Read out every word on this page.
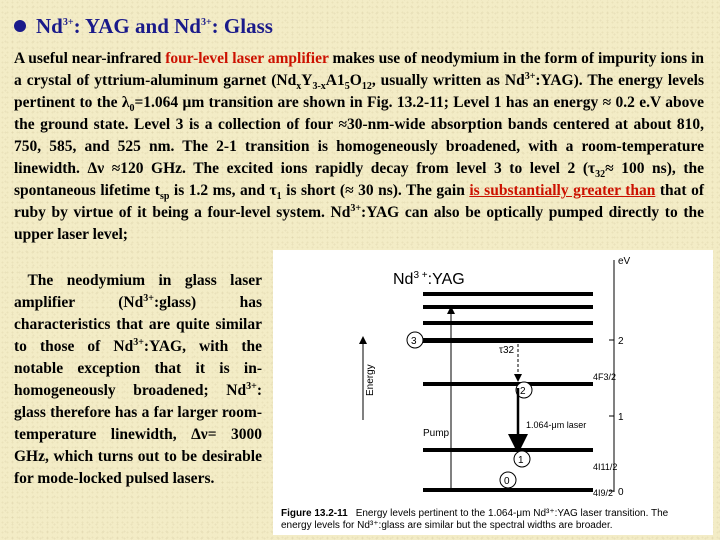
$Nd^{3+}$: YAG and $Nd^{3+}$: Glass

A useful near-infrared four-level laser amplifier makes use of neodymium in the form of impurity ions in a crystal of yttrium-aluminum garnet ($Nd_xY_{3-x}A1_5O_{12}$, usually written as $Nd^{3+}:YAG$). The energy levels pertinent to the $\lambda_0=1.064$ μm transition are shown in Fig. 13.2-11; Level 1 has an energy ≈ 0.2 e.V above the ground state. Level 3 is a collection of four ≈30-nm-wide absorption bands centered at about 810, 750, 585, and 525 nm. The 2-1 transition is homogeneously broadened, with a room-temperature linewidth. Δν ≈120 GHz. The excited ions rapidly decay from level 3 to level 2 ($\tau_{32}\approx 100$ ns), the spontaneous lifetime $t_{sp}$ is 1.2 ms, and $\tau_1$ is short (≈ 30 ns). The gain is substantially greater than that of ruby by virtue of it being a four-level system. $Nd^{3+}:YAG$ can also be optically pumped directly to the upper laser level;

The neodymium in glass laser amplifier $(Nd^{3+}:glass)$ has characteristics that are quite similar to those of $Nd^{3+}:YAG$, with the notable exception that it is in-homogeneously broadened; $Nd^{3+}$: glass therefore has a far larger room-temperature linewidth, Δν= 3000 GHz, which turns out to be desirable for mode-locked pulsed lasers.

$Nd^{3 +}:YAG$
eV
2
1
0
Energy
3
τ32
2
4F3/2
1.064-μm laser
Pump
1
4I11/2
0
4I9/2
Figure 13.2-11 Energy levels pertinent to the 1.064-μm Nd³⁺:YAG laser transition. The
energy levels for Nd³⁺:glass are similar but the spectral widths are broader.
